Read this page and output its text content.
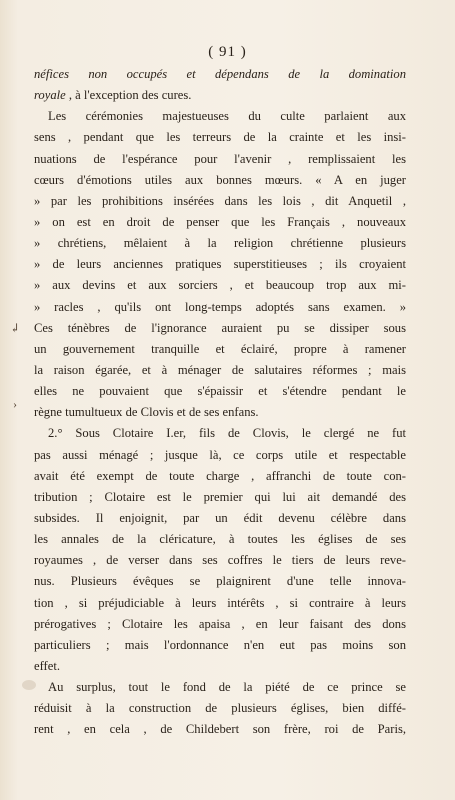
( 91 )
↲
›
néfices non occupés et dépendans de la domination
royale , à l'exception des cures.
Les cérémonies majestueuses du culte parlaient aux
sens , pendant que les terreurs de la crainte et les insi-
nuations de l'espérance pour l'avenir , remplissaient les
cœurs d'émotions utiles aux bonnes mœurs. « A en juger
» par les prohibitions insérées dans les lois , dit Anquetil ,
» on est en droit de penser que les Français , nouveaux
» chrétiens, mêlaient à la religion chrétienne plusieurs
» de leurs anciennes pratiques superstitieuses ; ils croyaient
» aux devins et aux sorciers , et beaucoup trop aux mi-
» racles , qu'ils ont long-temps adoptés sans examen. »
Ces ténèbres de l'ignorance auraient pu se dissiper sous
un gouvernement tranquille et éclairé, propre à ramener
la raison égarée, et à ménager de salutaires réformes ; mais
elles ne pouvaient que s'épaissir et s'étendre pendant le
règne tumultueux de Clovis et de ses enfans.
2.° Sous Clotaire I.er, fils de Clovis, le clergé ne fut
pas aussi ménagé ; jusque là, ce corps utile et respectable
avait été exempt de toute charge , affranchi de toute con-
tribution ; Clotaire est le premier qui lui ait demandé des
subsides. Il enjoignit, par un édit devenu célèbre dans
les annales de la cléricature, à toutes les églises de ses
royaumes , de verser dans ses coffres le tiers de leurs reve-
nus. Plusieurs évêques se plaignirent d'une telle innova-
tion , si préjudiciable à leurs intérêts , si contraire à leurs
prérogatives ; Clotaire les apaisa , en leur faisant des dons
particuliers ; mais l'ordonnance n'en eut pas moins son
effet.
Au surplus, tout le fond de la piété de ce prince se
réduisit à la construction de plusieurs églises, bien diffé-
rent , en cela , de Childebert son frère, roi de Paris,
